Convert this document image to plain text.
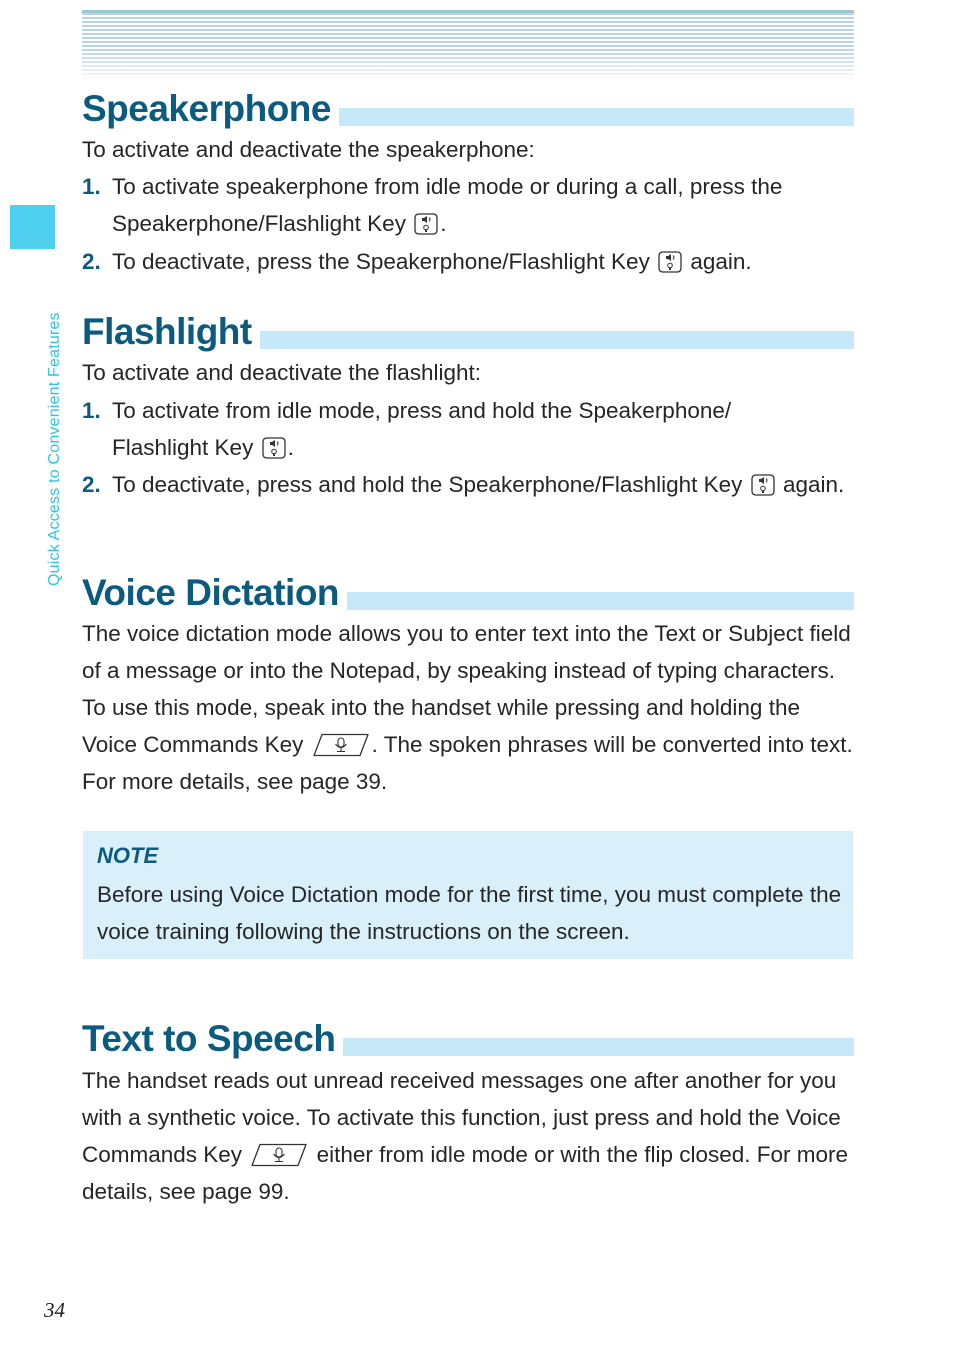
Quick Access to Convenient Features
Speakerphone

To activate and deactivate the speakerphone:

1. To activate speakerphone from idle mode or during a call, press the Speakerphone/Flashlight Key .
2. To deactivate, press the Speakerphone/Flashlight Key  again.
Flashlight

To activate and deactivate the flashlight:

1. To activate from idle mode, press and hold the Speakerphone/ Flashlight Key .
2. To deactivate, press and hold the Speakerphone/Flashlight Key  again.
Voice Dictation

The voice dictation mode allows you to enter text into the Text or Subject field of a message or into the Notepad, by speaking instead of typing characters. To use this mode, speak into the handset while pressing and holding the Voice Commands Key	. The spoken phrases will be converted into text. For more details, see page 39.

NOTE

Before using Voice Dictation mode for the first time, you must complete the voice training following the instructions on the screen.

Text to Speech

The handset reads out unread received messages one after another for you with a synthetic voice. To activate this function, just press and hold the Voice Commands Key	either from idle mode or with the flip closed. For more details, see page 99.

34
